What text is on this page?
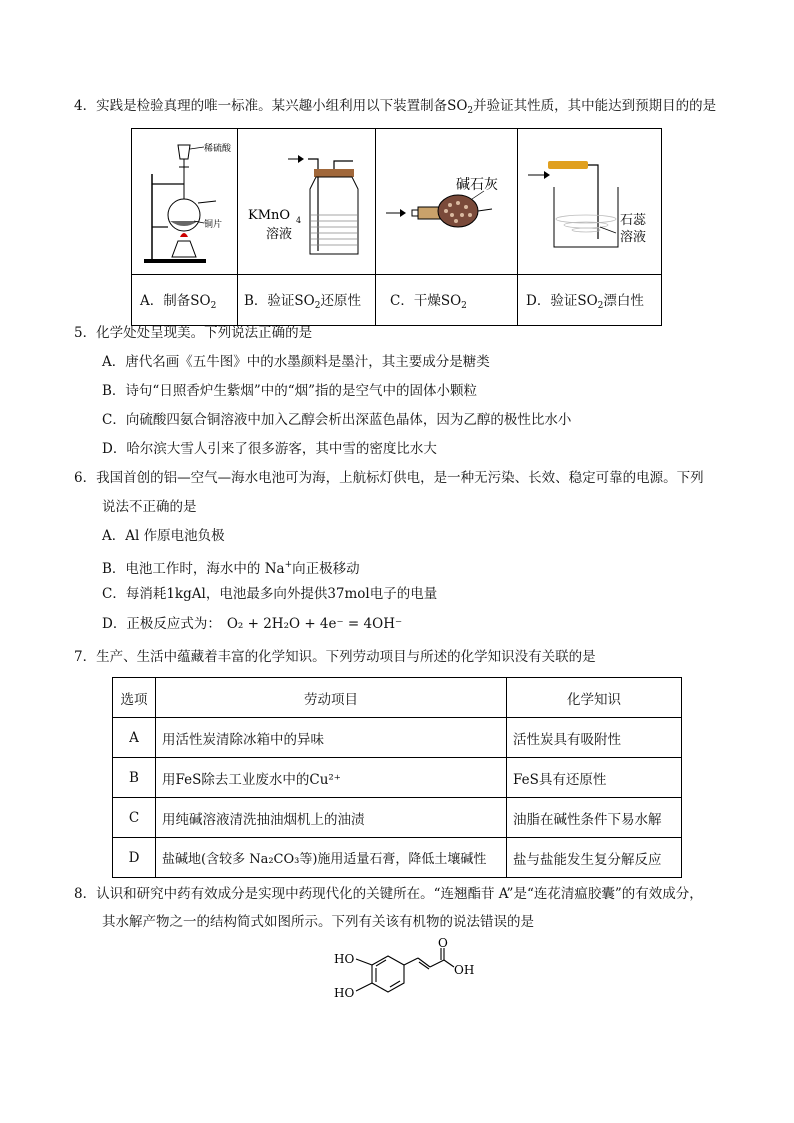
4．实践是检验真理的唯一标准。某兴趣小组利用以下装置制备$SO_2$并验证其性质，其中能达到预期目的的是
稀硫酸
铜片	KMnO 4
溶液	碱石灰	石蕊
溶液

A．制备$SO_2$	B．验证$SO_2$还原性	C．干燥$SO_2$	D．验证$SO_2$漂白性
5．化学处处呈现美。下列说法正确的是
A．唐代名画《五牛图》中的水墨颜料是墨汁，其主要成分是糖类
B．诗句“日照香炉生紫烟”中的“烟”指的是空气中的固体小颗粒
C．向硫酸四氨合铜溶液中加入乙醇会析出深蓝色晶体，因为乙醇的极性比水小
D．哈尔滨大雪人引来了很多游客，其中雪的密度比水大
6．我国首创的铝—空气—海水电池可为海，上航标灯供电，是一种无污染、长效、稳定可靠的电源。下列
说法不正确的是
A．Al 作原电池负极
B．电池工作时，海水中的 Na+向正极移动
C．每消耗1kgAl，电池最多向外提供37mol电子的电量
D．正极反应式为： O₂ + 2H₂O + 4e⁻ = 4OH⁻
7．生产、生活中蕴藏着丰富的化学知识。下列劳动项目与所述的化学知识没有关联的是
选项	劳动项目	化学知识
A	用活性炭清除冰箱中的异味	活性炭具有吸附性
B	用FeS除去工业废水中的Cu²⁺	FeS具有还原性
C	用纯碱溶液清洗抽油烟机上的油渍	油脂在碱性条件下易水解
D	盐碱地(含较多 Na₂CO₃等)施用适量石膏，降低土壤碱性	盐与盐能发生复分解反应
8．认识和研究中药有效成分是实现中药现代化的关键所在。“连翘酯苷 A”是“连花清瘟胶囊”的有效成分，
其水解产物之一的结构简式如图所示。下列有关该有机物的说法错误的是
HO
HO
O
OH
